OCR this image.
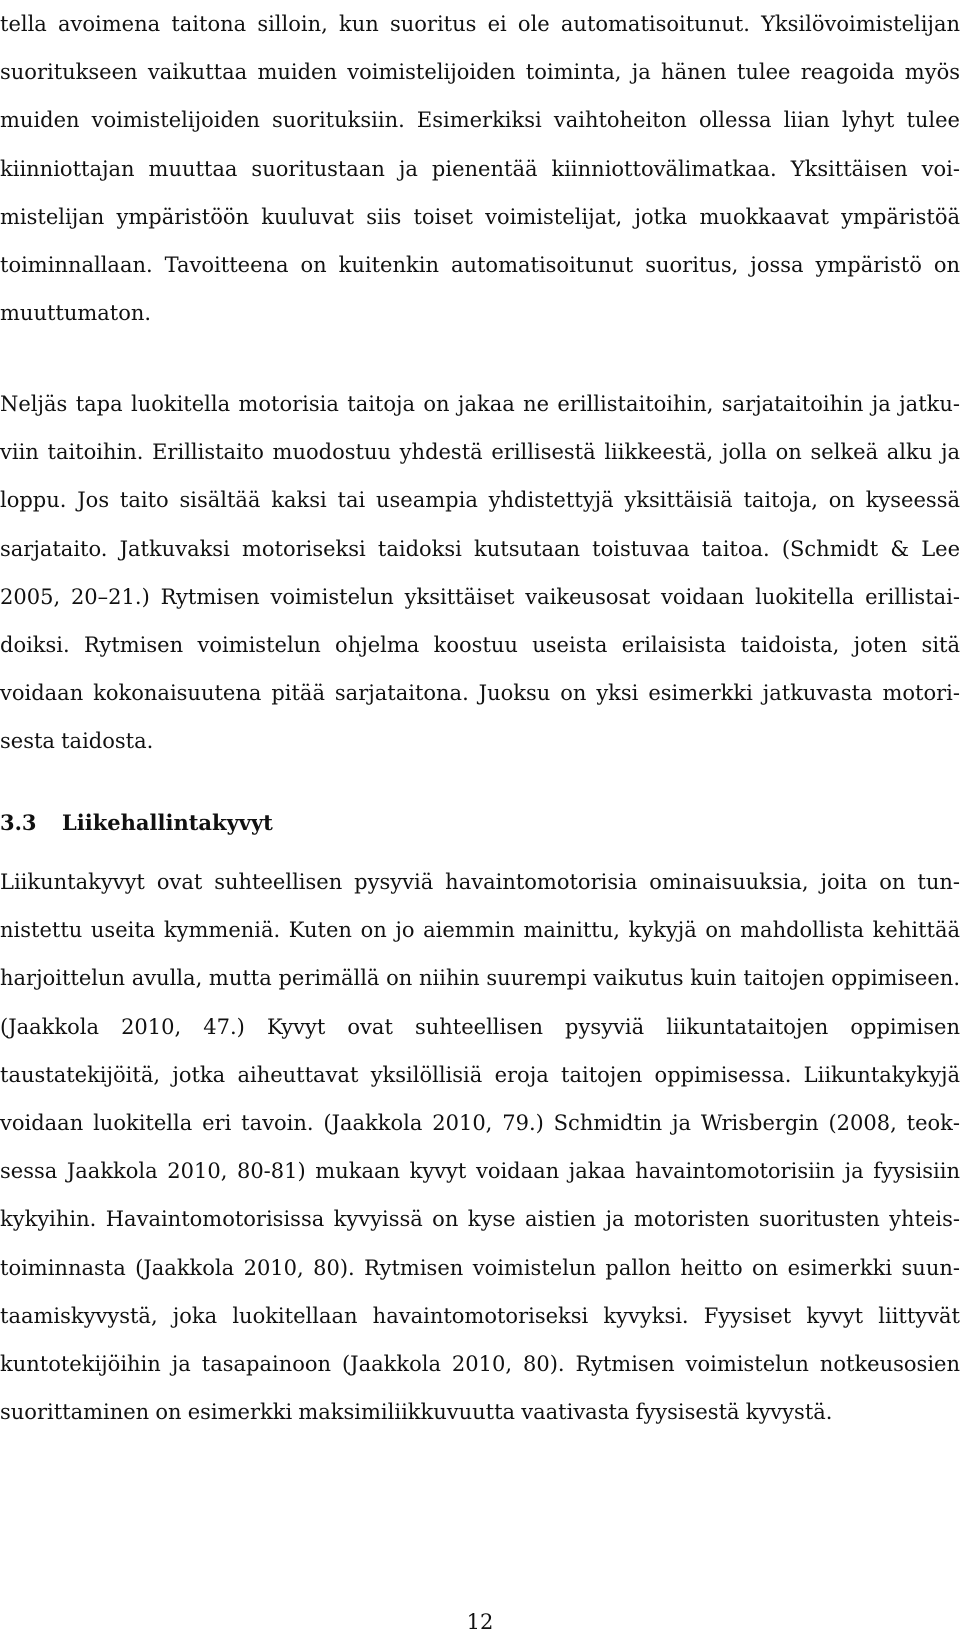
tella avoimena taitona silloin, kun suoritus ei ole automatisoitunut. Yksilövoimistelijan suoritukseen vaikuttaa muiden voimistelijoiden toiminta, ja hänen tulee reagoida myös muiden voimistelijoiden suorituksiin. Esimerkiksi vaihtoheiton ollessa liian lyhyt tulee kiinniottajan muuttaa suoritustaan ja pienentää kiinniottovälimatkaa. Yksittäisen voimistelijan ympäristöön kuuluvat siis toiset voimistelijat, jotka muokkaavat ympäristöä toiminnallaan. Tavoitteena on kuitenkin automatisoitunut suoritus, jossa ympäristö on muuttumaton.

Neljäs tapa luokitella motorisia taitoja on jakaa ne erillistaitoihin, sarjataitoihin ja jatkuviin taitoihin. Erillistaito muodostuu yhdestä erillisestä liikkeestä, jolla on selkeä alku ja loppu. Jos taito sisältää kaksi tai useampia yhdistettyjä yksittäisiä taitoja, on kyseessä sarjataito. Jatkuvaksi motoriseksi taidoksi kutsutaan toistuvaa taitoa. (Schmidt & Lee 2005, 20–21.) Rytmisen voimistelun yksittäiset vaikeusosat voidaan luokitella erillistaidoiksi. Rytmisen voimistelun ohjelma koostuu useista erilaisista taidoista, joten sitä voidaan kokonaisuutena pitää sarjataitona. Juoksu on yksi esimerkki jatkuvasta motorisesta taidosta.

3.3 Liikehallintakyvyt

Liikuntakyvyt ovat suhteellisen pysyviä havaintomotorisia ominaisuuksia, joita on tunnistettu useita kymmeniä. Kuten on jo aiemmin mainittu, kykyjä on mahdollista kehittää harjoittelun avulla, mutta perimällä on niihin suurempi vaikutus kuin taitojen oppimiseen. (Jaakkola 2010, 47.) Kyvyt ovat suhteellisen pysyviä liikuntataitojen oppimisen taustatekijöitä, jotka aiheuttavat yksilöllisiä eroja taitojen oppimisessa. Liikuntakykyjä voidaan luokitella eri tavoin. (Jaakkola 2010, 79.) Schmidtin ja Wrisbergin (2008, teoksessa Jaakkola 2010, 80-81) mukaan kyvyt voidaan jakaa havaintomotorisiin ja fyysisiin kykyihin. Havaintomotorisissa kyvyissä on kyse aistien ja motoristen suoritusten yhteistoiminnasta (Jaakkola 2010, 80). Rytmisen voimistelun pallon heitto on esimerkki suuntaamiskyvystä, joka luokitellaan havaintomotoriseksi kyvyksi. Fyysiset kyvyt liittyvät kuntotekijöihin ja tasapainoon (Jaakkola 2010, 80). Rytmisen voimistelun notkeusosien suorittaminen on esimerkki maksimiliikkuvuutta vaativasta fyysisestä kyvystä.

12
